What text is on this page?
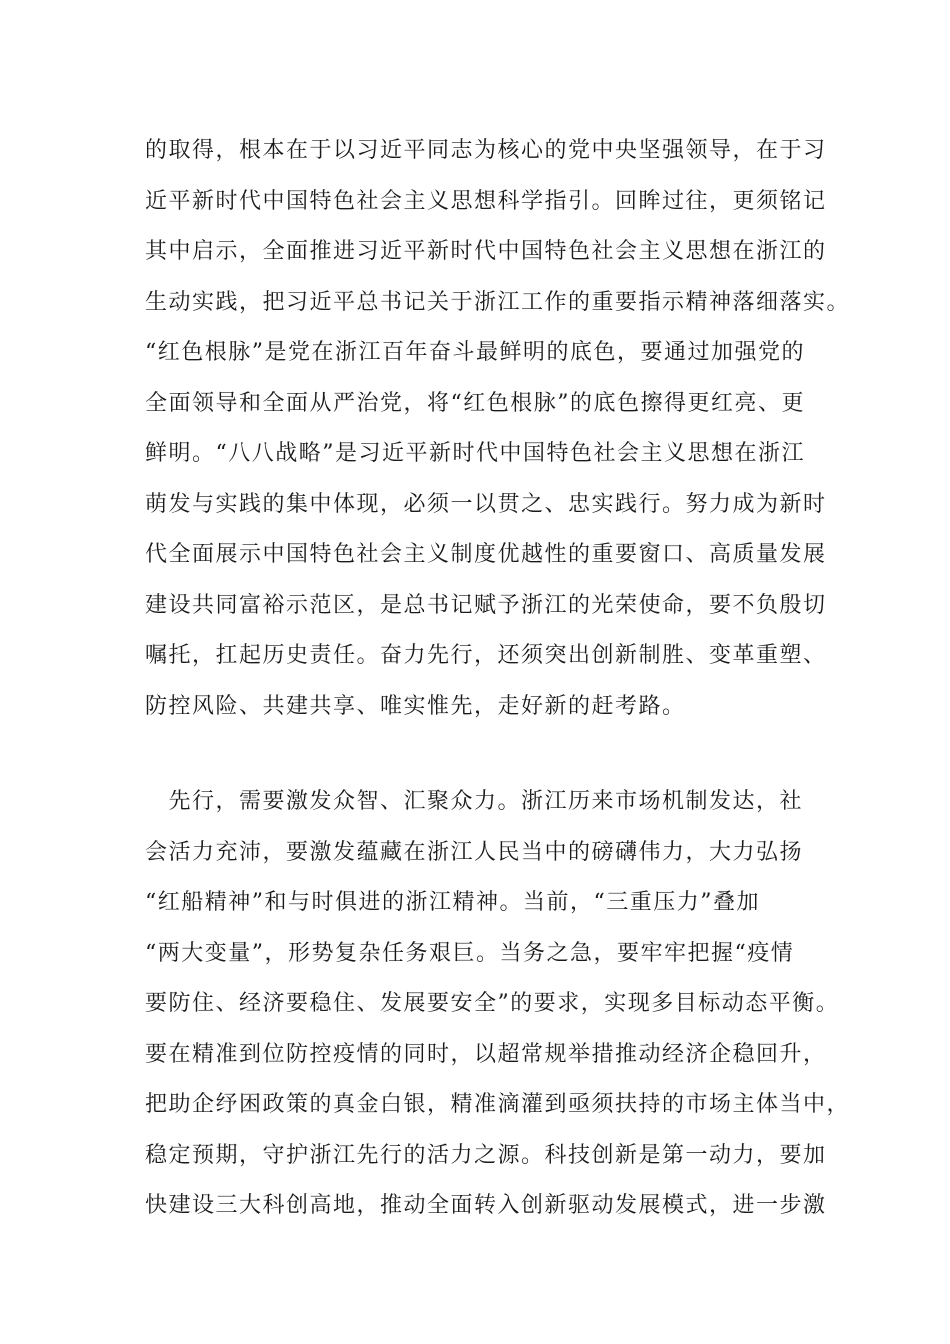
的取得，根本在于以习近平同志为核心的党中央坚强领导，在于习
近平新时代中国特色社会主义思想科学指引。回眸过往，更须铭记
其中启示，全面推进习近平新时代中国特色社会主义思想在浙江的
生动实践，把习近平总书记关于浙江工作的重要指示精神落细落实。
“红色根脉”是党在浙江百年奋斗最鲜明的底色，要通过加强党的
全面领导和全面从严治党，将“红色根脉”的底色擦得更红亮、更
鲜明。“八八战略”是习近平新时代中国特色社会主义思想在浙江
萌发与实践的集中体现，必须一以贯之、忠实践行。努力成为新时
代全面展示中国特色社会主义制度优越性的重要窗口、高质量发展
建设共同富裕示范区，是总书记赋予浙江的光荣使命，要不负殷切
嘱托，扛起历史责任。奋力先行，还须突出创新制胜、变革重塑、
防控风险、共建共享、唯实惟先，走好新的赶考路。
　先行，需要激发众智、汇聚众力。浙江历来市场机制发达，社
会活力充沛，要激发蕴藏在浙江人民当中的磅礴伟力，大力弘扬
“红船精神”和与时俱进的浙江精神。当前，“三重压力”叠加
“两大变量”，形势复杂任务艰巨。当务之急，要牢牢把握“疫情
要防住、经济要稳住、发展要安全”的要求，实现多目标动态平衡。
要在精准到位防控疫情的同时，以超常规举措推动经济企稳回升，
把助企纾困政策的真金白银，精准滴灌到亟须扶持的市场主体当中，
稳定预期，守护浙江先行的活力之源。科技创新是第一动力，要加
快建设三大科创高地，推动全面转入创新驱动发展模式，进一步激
